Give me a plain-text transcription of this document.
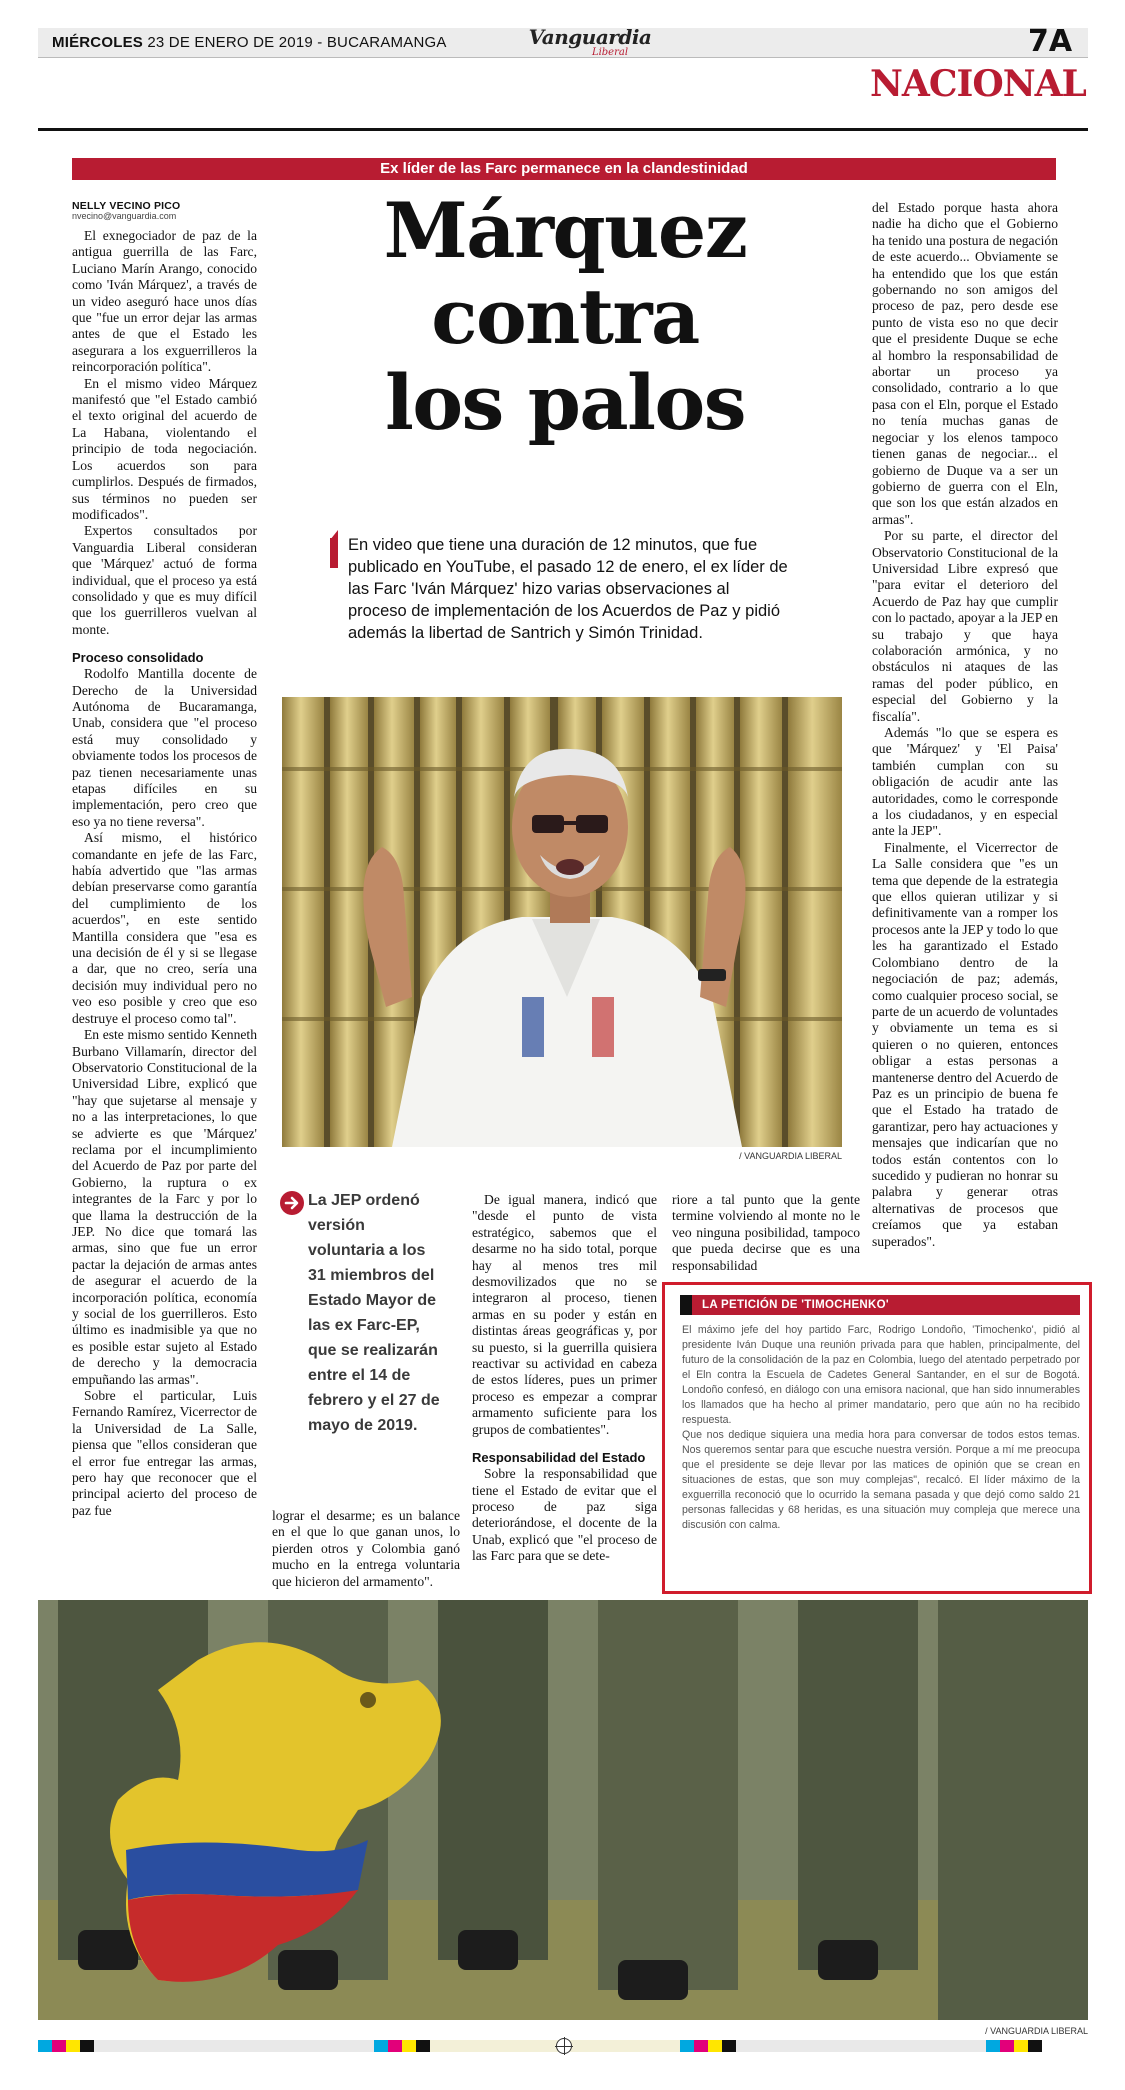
MIÉRCOLES 23 DE ENERO DE 2019 - BUCARAMANGA	Vanguardia
Liberal	7A
NACIONAL
Ex líder de las Farc permanece en la clandestinidad
NELLY VECINO PICO
nvecino@vanguardia.com

El exnegociador de paz de la antigua guerrilla de las Farc, Luciano Marín Arango, conocido como 'Iván Márquez', a través de un video aseguró hace unos días que "fue un error dejar las armas antes de que el Estado les asegurara a los exguerrilleros la reincorporación política".

En el mismo video Márquez manifestó que "el Estado cambió el texto original del acuerdo de La Habana, violentando el principio de toda negociación. Los acuerdos son para cumplirlos. Después de firmados, sus términos no pueden ser modificados".

Expertos consultados por Vanguardia Liberal consideran que 'Márquez' actuó de forma individual, que el proceso ya está consolidado y que es muy difícil que los guerrilleros vuelvan al monte.

Proceso consolidado

Rodolfo Mantilla docente de Derecho de la Universidad Autónoma de Bucaramanga, Unab, considera que "el proceso está muy consolidado y obviamente todos los procesos de paz tienen necesariamente unas etapas difíciles en su implementación, pero creo que eso ya no tiene reversa".

Así mismo, el histórico comandante en jefe de las Farc, había advertido que "las armas debían preservarse como garantía del cumplimiento de los acuerdos", en este sentido Mantilla considera que "esa es una decisión de él y si se llegase a dar, que no creo, sería una decisión muy individual pero no veo eso posible y creo que eso destruye el proceso como tal".

En este mismo sentido Kenneth Burbano Villamarín, director del Observatorio Constitucional de la Universidad Libre, explicó que "hay que sujetarse al mensaje y no a las interpretaciones, lo que se advierte es que 'Márquez' reclama por el incumplimiento del Acuerdo de Paz por parte del Gobierno, la ruptura o ex integrantes de la Farc y por lo que llama la destrucción de la JEP. No dice que tomará las armas, sino que fue un error pactar la dejación de armas antes de asegurar el acuerdo de la incorporación política, economía y social de los guerrilleros. Esto último es inadmisible ya que no es posible estar sujeto al Estado de derecho y la democracia empuñando las armas".

Sobre el particular, Luis Fernando Ramírez, Vicerrector de la Universidad de La Salle, piensa que "ellos consideran que el error fue entregar las armas, pero hay que reconocer que el principal acierto del proceso de paz fue

Márquez
contra
los palos
En video que tiene una duración de 12 minutos, que fue publicado en YouTube, el pasado 12 de enero, el ex líder de las Farc 'Iván Márquez' hizo varias observaciones al proceso de implementación de los Acuerdos de Paz y pidió además la libertad de Santrich y Simón Trinidad.
/ VANGUARDIA LIBERAL
La JEP ordenó versión voluntaria a los 31 miembros del Estado Mayor de las ex Farc-EP, que se realizarán entre el 14 de febrero y el 27 de mayo de 2019.

lograr el desarme; es un balance en el que lo que ganan unos, lo pierden otros y Colombia ganó mucho en la entrega voluntaria que hicieron del armamento".

De igual manera, indicó que "desde el punto de vista estratégico, sabemos que el desarme no ha sido total, porque hay al menos tres mil desmovilizados que no se integraron al proceso, tienen armas en su poder y están en distintas áreas geográficas y, por su puesto, si la guerrilla quisiera reactivar su actividad en cabeza de estos líderes, pues un primer proceso es empezar a comprar armamento suficiente para los grupos de combatientes".

Responsabilidad del Estado

Sobre la responsabilidad que tiene el Estado de evitar que el proceso de paz siga deteriorándose, el docente de la Unab, explicó que "el proceso de las Farc para que se dete-

riore a tal punto que la gente termine volviendo al monte no le veo ninguna posibilidad, tampoco que pueda decirse que es una responsabilidad

del Estado porque hasta ahora nadie ha dicho que el Gobierno ha tenido una postura de negación de este acuerdo... Obviamente se ha entendido que los que están gobernando no son amigos del proceso de paz, pero desde ese punto de vista eso no que decir que el presidente Duque se eche al hombro la responsabilidad de abortar un proceso ya consolidado, contrario a lo que pasa con el Eln, porque el Estado no tenía muchas ganas de negociar y los elenos tampoco tienen ganas de negociar... el gobierno de Duque va a ser un gobierno de guerra con el Eln, que son los que están alzados en armas".

Por su parte, el director del Observatorio Constitucional de la Universidad Libre expresó que "para evitar el deterioro del Acuerdo de Paz hay que cumplir con lo pactado, apoyar a la JEP en su trabajo y que haya colaboración armónica, y no obstáculos ni ataques de las ramas del poder público, en especial del Gobierno y la fiscalía".

Además "lo que se espera es que 'Márquez' y 'El Paisa' también cumplan con su obligación de acudir ante las autoridades, como le corresponde a los ciudadanos, y en especial ante la JEP".

Finalmente, el Vicerrector de La Salle considera que "es un tema que depende de la estrategia que ellos quieran utilizar y si definitivamente van a romper los procesos ante la JEP y todo lo que les ha garantizado el Estado Colombiano dentro de la negociación de paz; además, como cualquier proceso social, se parte de un acuerdo de voluntades y obviamente un tema es si quieren o no quieren, entonces obligar a estas personas a mantenerse dentro del Acuerdo de Paz es un principio de buena fe que el Estado ha tratado de garantizar, pero hay actuaciones y mensajes que indicarían que no todos están contentos con lo sucedido y pudieran no honrar su palabra y generar otras alternativas de procesos que creíamos que ya estaban superados".

LA PETICIÓN DE 'TIMOCHENKO'

El máximo jefe del hoy partido Farc, Rodrigo Londoño, 'Timochenko', pidió al presidente Iván Duque una reunión privada para que hablen, principalmente, del futuro de la consolidación de la paz en Colombia, luego del atentado perpetrado por el Eln contra la Escuela de Cadetes General Santander, en el sur de Bogotá. Londoño confesó, en diálogo con una emisora nacional, que han sido innumerables los llamados que ha hecho al primer mandatario, pero que aún no ha recibido respuesta.

Que nos dedique siquiera una media hora para conversar de todos estos temas. Nos queremos sentar para que escuche nuestra versión. Porque a mí me preocupa que el presidente se deje llevar por las matices de opinión que se crean en situaciones de estas, que son muy complejas", recalcó. El líder máximo de la exguerrilla reconoció que lo ocurrido la semana pasada y que dejó como saldo 21 personas fallecidas y 68 heridas, es una situación muy compleja que merece una discusión con calma.

/ VANGUARDIA LIBERAL
